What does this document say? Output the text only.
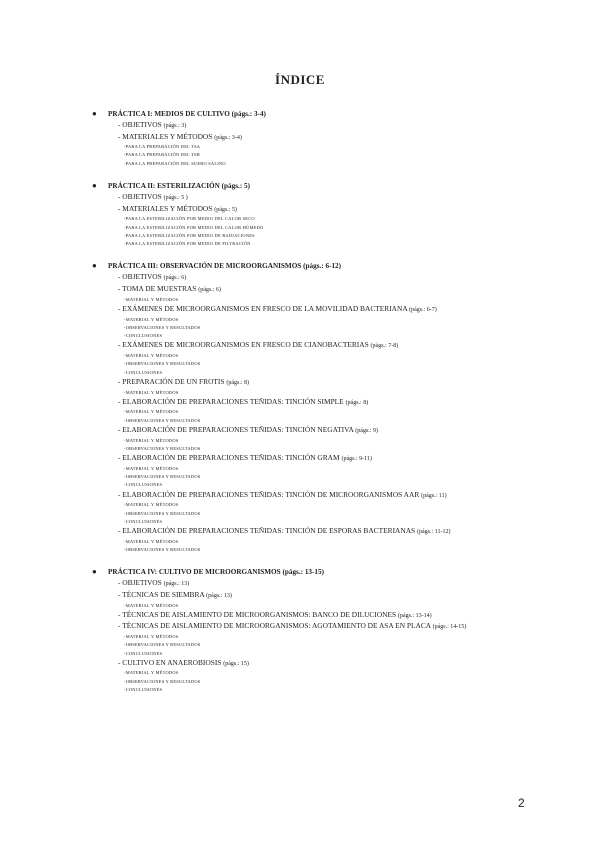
ÍNDICE
● PRÁCTICA I: MEDIOS DE CULTIVO (págs.: 3-4)
- OBJETIVOS (págs.: 3)
- MATERIALES Y MÉTODOS (págs.: 3-4)
-PARA LA PREPARACIÓN DEL TSA
-PARA LA PREPARACIÓN DEL TSB
-PARA LA PREPARACIÓN DEL SUERO SALINO
● PRÁCTICA II: ESTERILIZACIÓN (págs.: 5)
- OBJETIVOS (págs.: 5 )
- MATERIALES Y MÉTODOS (págs.: 5)
-PARA LA ESTERILIZACIÓN POR MEDIO DEL CALOR SECO
-PARA LA ESTERILIZACIÓN POR MEDIO DEL CALOR HÚMEDO
-PARA LA ESTERILIZACIÓN POR MEDIO DE RADIACIONES
-PARA LA ESTERILIZACIÓN POR MEDIO DE FILTRACIÓN
● PRÁCTICA III: OBSERVACIÓN DE MICROORGANISMOS (págs.: 6-12)
- OBJETIVOS (págs.: 6)
- TOMA DE MUESTRAS (págs.: 6)
-MATERIAL Y MÉTODOS
- EXÁMENES DE MICROORGANISMOS EN FRESCO DE LA MOVILIDAD BACTERIANA (págs.: 6-7)
-MATERIAL Y MÉTODOS
-OBSERVACIONES Y RESULTADOS
-CONCLUSIONES
- EXÁMENES DE MICROORGANISMOS EN FRESCO DE CIANOBACTERIAS (págs.: 7-8)
-MATERIAL Y MÉTODOS
-OBSERVACIONES Y RESULTADOS
-CONCLUSIONES
- PREPARACIÓN DE UN FROTIS (págs.: 8)
-MATERIAL Y MÉTODOS
- ELABORACIÓN DE PREPARACIONES TEÑIDAS: TINCIÓN SIMPLE (págs.: 8)
-MATERIAL Y MÉTODOS
-OBSERVACIONES Y RESULTADOS
- ELABORACIÓN DE PREPARACIONES TEÑIDAS: TINCIÓN NEGATIVA (págs.: 9)
-MATERIAL Y MÉTODOS
-OBSERVACIONES Y RESULTADOS
- ELABORACIÓN DE PREPARACIONES TEÑIDAS: TINCIÓN GRAM (págs.: 9-11)
-MATERIAL Y MÉTODOS
-OBSERVACIONES Y RESULTADOS
-CONCLUSIONES
- ELABORACIÓN DE PREPARACIONES TEÑIDAS: TINCIÓN DE MICROORGANISMOS AAR (págs.: 11)
-MATERIAL Y MÉTODOS
-OBSERVACIONES Y RESULTADOS
-CONCLUSIONES
- ELABORACIÓN DE PREPARACIONES TEÑIDAS: TINCIÓN DE ESPORAS BACTERIANAS (págs.: 11-12)
-MATERIAL Y MÉTODOS
-OBSERVACIONES Y RESULTADOS
● PRÁCTICA IV: CULTIVO DE MICROORGANISMOS (págs.: 13-15)
- OBJETIVOS (págs.: 13)
- TÉCNICAS DE SIEMBRA (págs.: 13)
-MATERIAL Y MÉTODOS
- TÉCNICAS DE AISLAMIENTO DE MICROORGANISMOS: BANCO DE DILUCIONES (págs.: 13-14)
- TÉCNICAS DE AISLAMIENTO DE MICROORGANISMOS: AGOTAMIENTO DE ASA EN PLACA (págs.: 14-15)
-MATERIAL Y MÉTODOS
-OBSERVACIONES Y RESULTADOS
-CONCLUSIONES
- CULTIVO EN ANAEROBIOSIS (págs.: 15)
-MATERIAL Y MÉTODOS
-OBSERVACIONES Y RESULTADOS
-CONCLUSIONES
2
